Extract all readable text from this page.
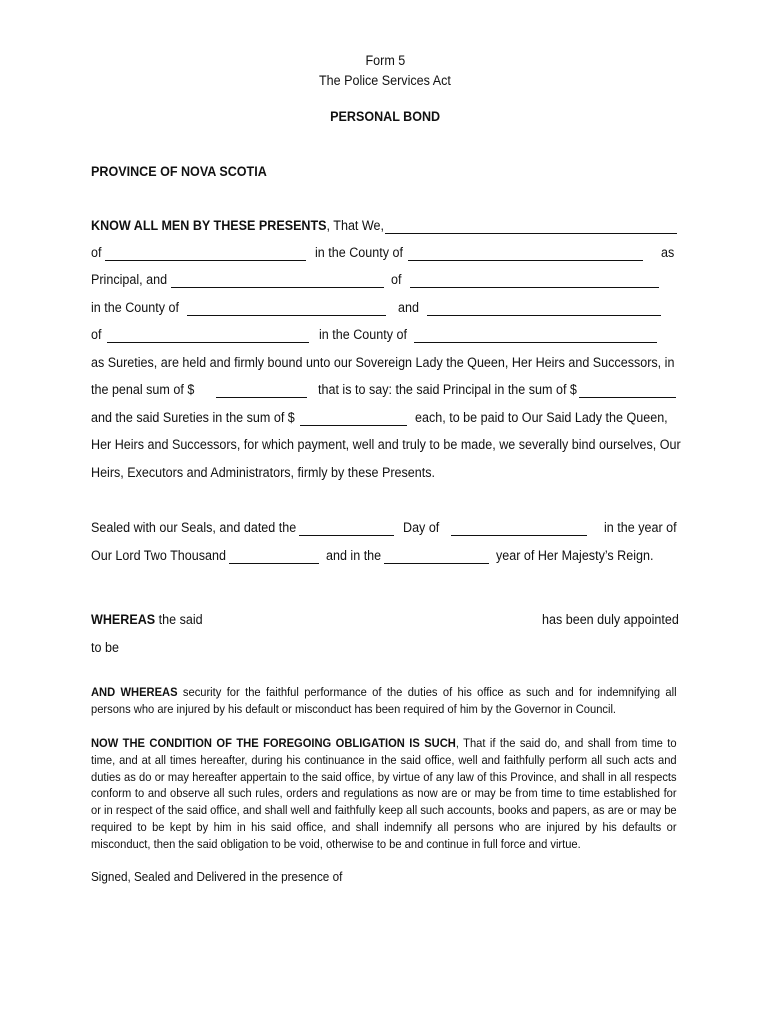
Form 5
The Police Services Act
PERSONAL BOND
PROVINCE OF NOVA SCOTIA
KNOW ALL MEN BY THESE PRESENTS, That We,
of	in the County of	as
Principal, and	of
in the County of	and
of	in the County of
as Sureties, are held and firmly bound unto our Sovereign Lady the Queen, Her Heirs and Successors, in
the penal sum of $	that is to say: the said Principal in the sum of $
and the said Sureties in the sum of $	each, to be paid to Our Said Lady the Queen,
Her Heirs and Successors, for which payment, well and truly to be made, we severally bind ourselves, Our
Heirs, Executors and Administrators, firmly by these Presents.
Sealed with our Seals, and dated the	Day of	in the year of
Our Lord Two Thousand	and in the	year of Her Majesty’s Reign.
WHEREAS the said	has been duly appointed
to be
AND WHEREAS security for the faithful performance of the duties of his office as such and for indemnifying all persons who are injured by his default or misconduct has been required of him by the Governor in Council.
NOW THE CONDITION OF THE FOREGOING OBLIGATION IS SUCH, That if the said do, and shall from time to time, and at all times hereafter, during his continuance in the said office, well and faithfully perform all such acts and duties as do or may hereafter appertain to the said office, by virtue of any law of this Province, and shall in all respects conform to and observe all such rules, orders and regulations as now are or may be from time to time established for or in respect of the said office, and shall well and faithfully keep all such accounts, books and papers, as are or may be required to be kept by him in his said office, and shall indemnify all persons who are injured by his defaults or misconduct, then the said obligation to be void, otherwise to be and continue in full force and virtue.
Signed, Sealed and Delivered in the presence of
